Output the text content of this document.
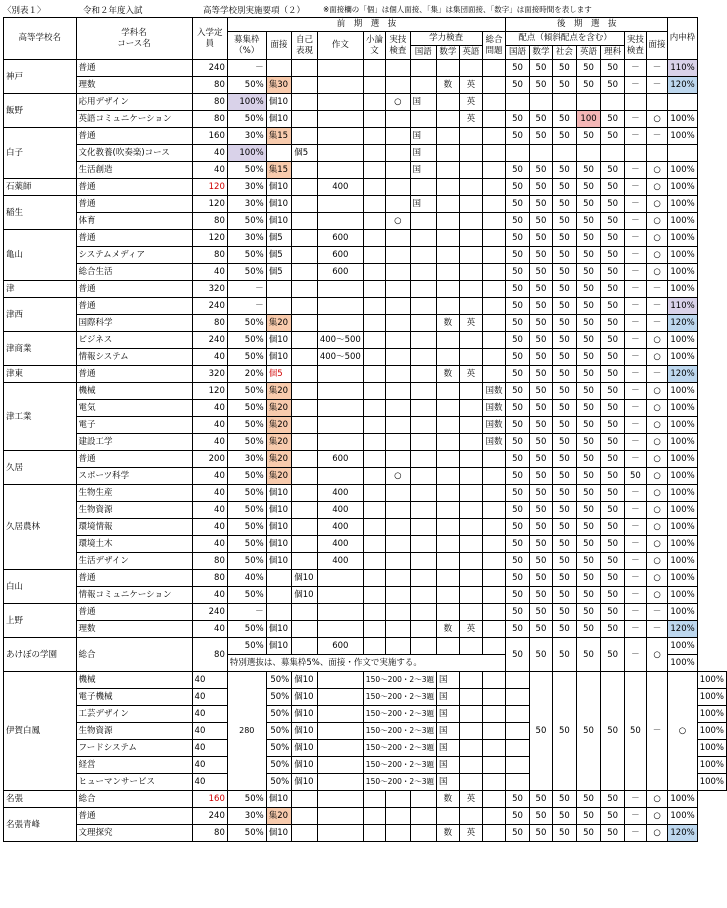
〈別表１〉	令和２年度入試	高等学校別実施要項（２） ※面接欄の「個」は個人面接、「集」は集団面接、「数字」は面接時間を表します
高等学校名	学科名
コース名	入学定員	前　期　選　抜										後　期　選　抜							内申枠	
			募集枠（%）	面接	自己表現	作文	小論文	実技検査	学力検査			総合問題	配点（傾斜配点を含む）					実技検査	面接		
									国語	数学	英語		国語	数学	社会	英語	理科				
神戸	普通	240	－										50	50	50	50	50	－	－	110%	
	理数	80	50%	集30						数	英		50	50	50	50	50	－	－	120%	
飯野	応用デザイン	80	100%	個10				○	国		英										
	英語コミュニケーション	80	50%	個10							英		50	50	50	100	50	－	○	100%	
白子	普通	160	30%	集15					国				50	50	50	50	50	－	－	100%	
	文化教養(吹奏楽)コース	40	100%		個5				国												
	生活創造	40	50%	集15					国				50	50	50	50	50	－	○	100%	
石薬師	普通	120	30%	個10		400							50	50	50	50	50	－	○	100%	
稲生	普通	120	30%	個10					国				50	50	50	50	50	－	○	100%	
	体育	80	50%	個10				○					50	50	50	50	50	－	○	100%	
亀山	普通	120	30%	個5		600							50	50	50	50	50	－	○	100%	
	システムメディア	80	50%	個5		600							50	50	50	50	50	－	○	100%	
	総合生活	40	50%	個5		600							50	50	50	50	50	－	○	100%	
津	普通	320	－										50	50	50	50	50	－	－	100%	
津西	普通	240	－										50	50	50	50	50	－	－	110%	
	国際科学	80	50%	集20						数	英		50	50	50	50	50	－	－	120%	
津商業	ビジネス	240	50%	個10		400～500							50	50	50	50	50	－	○	100%	
	情報システム	40	50%	個10		400～500							50	50	50	50	50	－	○	100%	
津東	普通	320	20%	個5						数	英		50	50	50	50	50	－	－	120%	
津工業	機械	120	50%	集20								国数	50	50	50	50	50	－	○	100%	
	電気	40	50%	集20								国数	50	50	50	50	50	－	○	100%	
	電子	40	50%	集20								国数	50	50	50	50	50	－	○	100%	
	建設工学	40	50%	集20								国数	50	50	50	50	50	－	○	100%	
久居	普通	200	30%	集20		600							50	50	50	50	50	－	○	100%	
	スポーツ科学	40	50%	集20				○					50	50	50	50	50	50	○	100%	
久居農林	生物生産	40	50%	個10		400							50	50	50	50	50	－	○	100%	
	生物資源	40	50%	個10		400							50	50	50	50	50	－	○	100%	
	環境情報	40	50%	個10		400							50	50	50	50	50	－	○	100%	
	環境土木	40	50%	個10		400							50	50	50	50	50	－	○	100%	
	生活デザイン	80	50%	個10		400							50	50	50	50	50	－	○	100%	
白山	普通	80	40%		個10								50	50	50	50	50	－	○	100%	
	情報コミュニケーション	40	50%		個10								50	50	50	50	50	－	○	100%	
上野	普通	240	－										50	50	50	50	50	－	－	100%	
	理数	40	50%	個10						数	英		50	50	50	50	50	－	－	120%	
あけぼの学園	総合	80	50%	個10		600							50	50	50	50	50	－	○	100%	
			特別選抜は、募集枠5%、面接・作文で実施する。																	100%	
伊賀白鳳	機械	40	280	50%	個10		150～200・2～3題			国				50	50	50	50	50	－	○	100%
	電子機械	40		50%	個10		150～200・2～3題			国											100%
	工芸デザイン	40		50%	個10		150～200・2～3題			国											100%
	生物資源	40		50%	個10		150～200・2～3題			国											100%
	フードシステム	40		50%	個10		150～200・2～3題			国											100%
	経営	40		50%	個10		150～200・2～3題			国											100%
	ヒューマンサービス	40		50%	個10		150～200・2～3題			国											100%
名張	総合	160	50%	個10						数	英		50	50	50	50	50	－	○	100%	
名張青峰	普通	240	30%	集20									50	50	50	50	50	－	○	100%	
	文理探究	80	50%	個10						数	英		50	50	50	50	50	－	○	120%	
